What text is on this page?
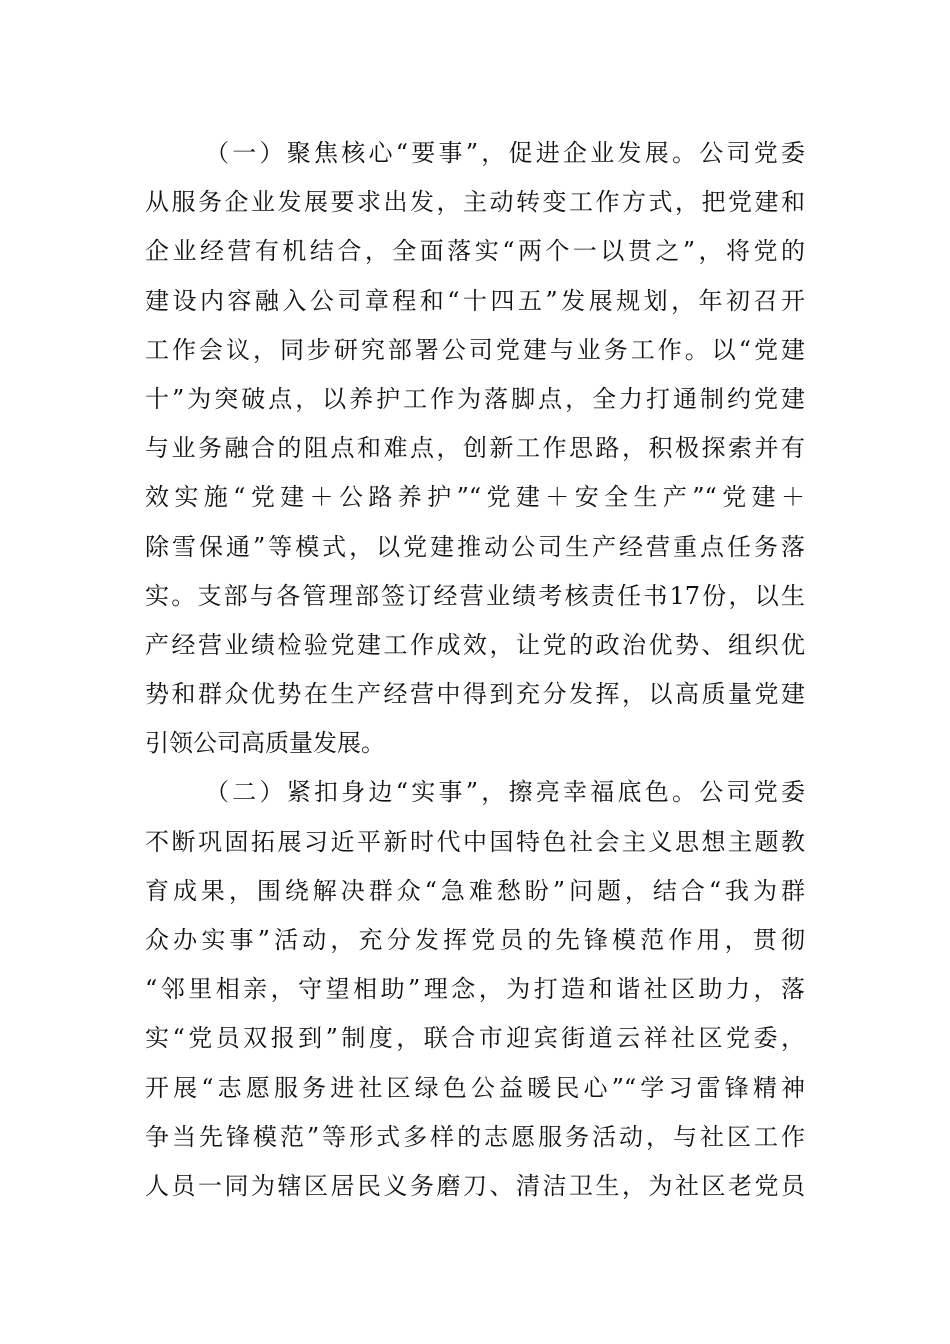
（一）聚焦核心“要事”，促进企业发展。公司党委
从服务企业发展要求出发，主动转变工作方式，把党建和
企业经营有机结合，全面落实“两个一以贯之”，将党的
建设内容融入公司章程和“十四五”发展规划，年初召开
工作会议，同步研究部署公司党建与业务工作。以“党建
十”为突破点，以养护工作为落脚点，全力打通制约党建
与业务融合的阻点和难点，创新工作思路，积极探索并有
效实施“党建＋公路养护”“党建＋安全生产”“党建＋
除雪保通”等模式，以党建推动公司生产经营重点任务落
实。支部与各管理部签订经营业绩考核责任书17份，以生
产经营业绩检验党建工作成效，让党的政治优势、组织优
势和群众优势在生产经营中得到充分发挥，以高质量党建
引领公司高质量发展。
（二）紧扣身边“实事”，擦亮幸福底色。公司党委
不断巩固拓展习近平新时代中国特色社会主义思想主题教
育成果，围绕解决群众“急难愁盼”问题，结合“我为群
众办实事”活动，充分发挥党员的先锋模范作用，贯彻
“邻里相亲，守望相助”理念，为打造和谐社区助力，落
实“党员双报到”制度，联合市迎宾街道云祥社区党委，
开展“志愿服务进社区绿色公益暖民心”“学习雷锋精神
争当先锋模范”等形式多样的志愿服务活动，与社区工作
人员一同为辖区居民义务磨刀、清洁卫生，为社区老党员
